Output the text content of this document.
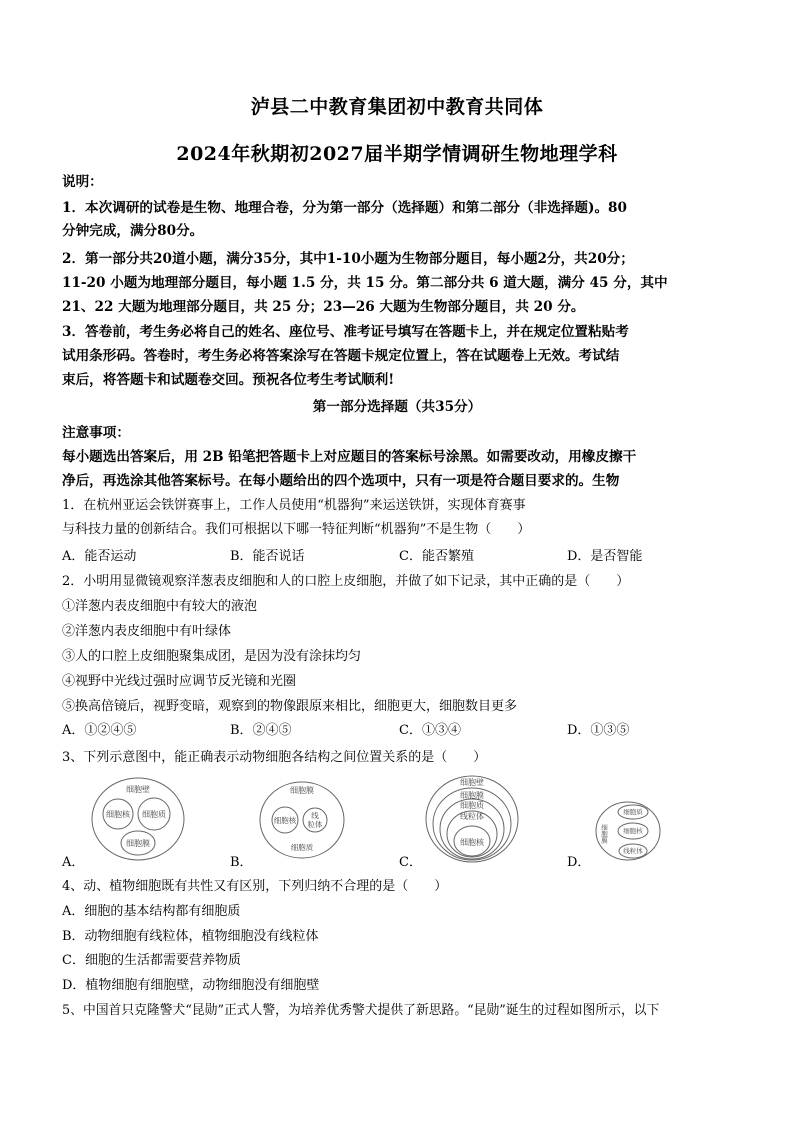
泸县二中教育集团初中教育共同体
2024年秋期初2027届半期学情调研生物地理学科
说明：
1．本次调研的试卷是生物、地理合卷，分为第一部分（选择题）和第二部分（非选择题)。80
分钟完成，满分80分。
2．第一部分共20道小题，满分35分，其中1-10小题为生物部分题目，每小题2分，共20分；
11-20 小题为地理部分题目，每小题 1.5 分，共 15 分。第二部分共 6 道大题，满分 45 分，其中
21、22 大题为地理部分题目，共 25 分；23—26 大题为生物部分题目，共 20 分。
3．答卷前，考生务必将自己的姓名、座位号、准考证号填写在答题卡上，并在规定位置粘贴考
试用条形码。答卷时，考生务必将答案涂写在答题卡规定位置上，答在试题卷上无效。考试结
束后，将答题卡和试题卷交回。预祝各位考生考试顺利!
第一部分选择题（共35分）
注意事项：
每小题选出答案后，用 2B 铅笔把答题卡上对应题目的答案标号涂黑。如需要改动，用橡皮擦干
净后，再选涂其他答案标号。在每小题给出的四个选项中，只有一项是符合题目要求的。生物
1．在杭州亚运会铁饼赛事上，工作人员使用“机器狗”来运送铁饼，实现体育赛事
与科技力量的创新结合。我们可根据以下哪一特征判断“机器狗”不是生物（　　）
A．能否运动	B．能否说话	C．能否繁殖	D．是否智能
2．小明用显微镜观察洋葱表皮细胞和人的口腔上皮细胞，并做了如下记录，其中正确的是（　　）
①洋葱内表皮细胞中有较大的液泡
②洋葱内表皮细胞中有叶绿体
③人的口腔上皮细胞聚集成团，是因为没有涂抹均匀
④视野中光线过强时应调节反光镜和光圈
⑤换高倍镜后，视野变暗，观察到的物像跟原来相比，细胞更大，细胞数目更多
A．①②④⑤	B．②④⑤	C．①③④	D．①③⑤
3、下列示意图中，能正确表示动物细胞各结构之间位置关系的是（　　）
细胞壁
细胞核 细胞质
细胞膜
细胞膜
细胞核
线
粒体
细胞质
细胞壁
细胞膜
细胞质
线粒体
细胞核	细胞膜
细胞质
细胞核
线粒体
A．	B．	C．	D．
4、动、植物细胞既有共性又有区别，下列归纳不合理的是（　　）
A．细胞的基本结构都有细胞质
B．动物细胞有线粒体，植物细胞没有线粒体
C．细胞的生活都需要营养物质
D．植物细胞有细胞壁，动物细胞没有细胞壁
5、中国首只克隆警犬“昆勋”正式人警，为培养优秀警犬提供了新思路。“昆勋”诞生的过程如图所示，以下
